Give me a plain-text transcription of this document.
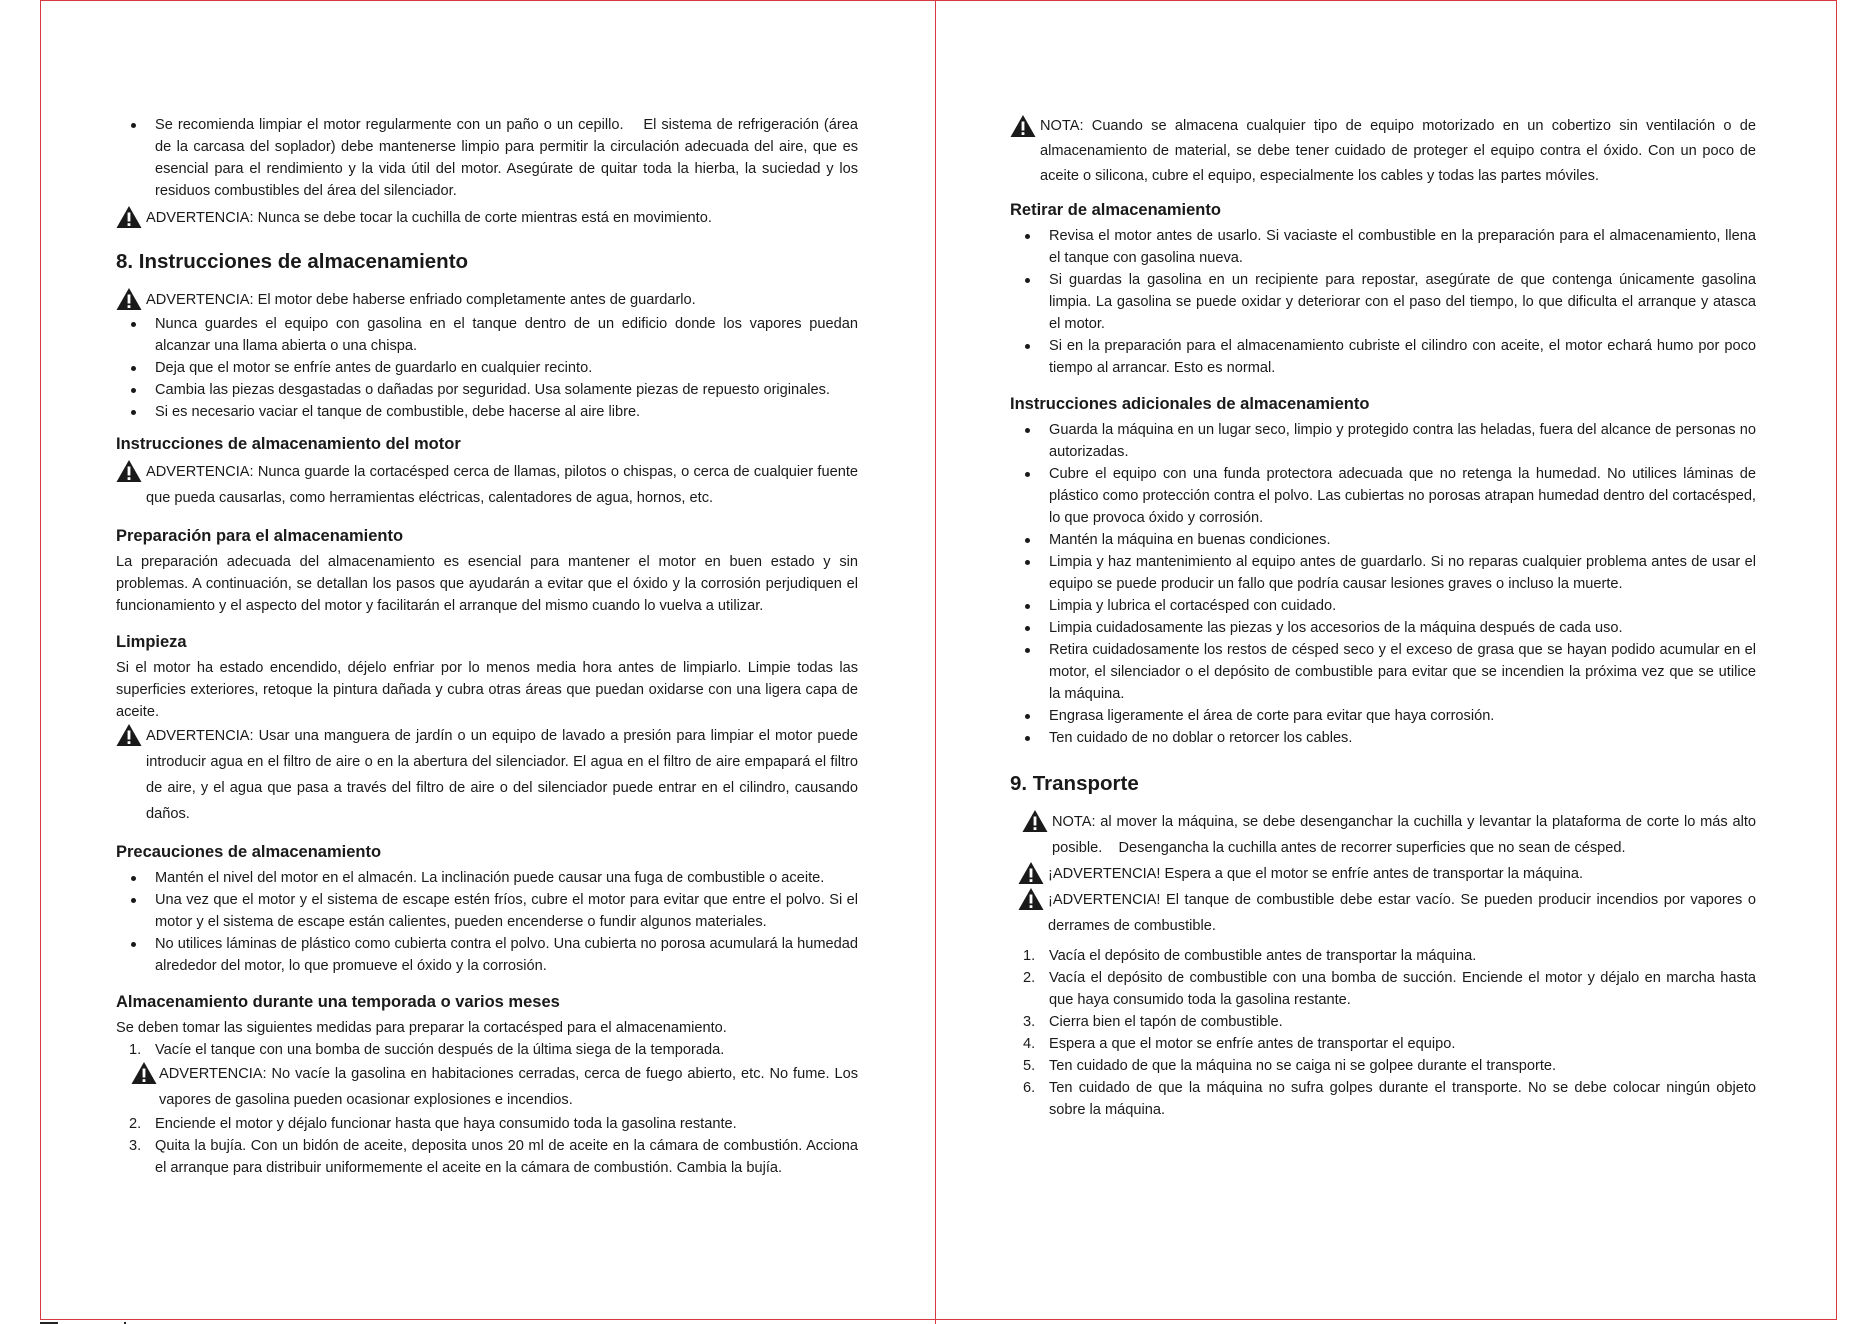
Se recomienda limpiar el motor regularmente con un paño o un cepillo.    El sistema de refrigeración (área de la carcasa del soplador) debe mantenerse limpio para permitir la circulación adecuada del aire, que es esencial para el rendimiento y la vida útil del motor. Asegúrate de quitar toda la hierba, la suciedad y los residuos combustibles del área del silenciador.
ADVERTENCIA: Nunca se debe tocar la cuchilla de corte mientras está en movimiento.
8. Instrucciones de almacenamiento
ADVERTENCIA: El motor debe haberse enfriado completamente antes de guardarlo.
Nunca guardes el equipo con gasolina en el tanque dentro de un edificio donde los vapores puedan alcanzar una llama abierta o una chispa.
Deja que el motor se enfríe antes de guardarlo en cualquier recinto.
Cambia las piezas desgastadas o dañadas por seguridad. Usa solamente piezas de repuesto originales.
Si es necesario vaciar el tanque de combustible, debe hacerse al aire libre.
Instrucciones de almacenamiento del motor
ADVERTENCIA: Nunca guarde la cortacésped cerca de llamas, pilotos o chispas, o cerca de cualquier fuente que pueda causarlas, como herramientas eléctricas, calentadores de agua, hornos, etc.
Preparación para el almacenamiento

La preparación adecuada del almacenamiento es esencial para mantener el motor en buen estado y sin problemas. A continuación, se detallan los pasos que ayudarán a evitar que el óxido y la corrosión perjudiquen el funcionamiento y el aspecto del motor y facilitarán el arranque del mismo cuando lo vuelva a utilizar.

Limpieza

Si el motor ha estado encendido, déjelo enfriar por lo menos media hora antes de limpiarlo. Limpie todas las superficies exteriores, retoque la pintura dañada y cubra otras áreas que puedan oxidarse con una ligera capa de aceite.

ADVERTENCIA: Usar una manguera de jardín o un equipo de lavado a presión para limpiar el motor puede introducir agua en el filtro de aire o en la abertura del silenciador. El agua en el filtro de aire empapará el filtro de aire, y el agua que pasa a través del filtro de aire o del silenciador puede entrar en el cilindro, causando daños.
Precauciones de almacenamiento
Mantén el nivel del motor en el almacén. La inclinación puede causar una fuga de combustible o aceite.
Una vez que el motor y el sistema de escape estén fríos, cubre el motor para evitar que entre el polvo. Si el motor y el sistema de escape están calientes, pueden encenderse o fundir algunos materiales.
No utilices láminas de plástico como cubierta contra el polvo. Una cubierta no porosa acumulará la humedad alrededor del motor, lo que promueve el óxido y la corrosión.
Almacenamiento durante una temporada o varios meses

Se deben tomar las siguientes medidas para preparar la cortacésped para el almacenamiento.

1. Vacíe el tanque con una bomba de succión después de la última siega de la temporada.
ADVERTENCIA: No vacíe la gasolina en habitaciones cerradas, cerca de fuego abierto, etc. No fume. Los vapores de gasolina pueden ocasionar explosiones e incendios.
2. Enciende el motor y déjalo funcionar hasta que haya consumido toda la gasolina restante.
3. Quita la bujía. Con un bidón de aceite, deposita unos 20 ml de aceite en la cámara de combustión. Acciona el arranque para distribuir uniformemente el aceite en la cámara de combustión. Cambia la bujía.
NOTA: Cuando se almacena cualquier tipo de equipo motorizado en un cobertizo sin ventilación o de almacenamiento de material, se debe tener cuidado de proteger el equipo contra el óxido. Con un poco de aceite o silicona, cubre el equipo, especialmente los cables y todas las partes móviles.
Retirar de almacenamiento
Revisa el motor antes de usarlo. Si vaciaste el combustible en la preparación para el almacenamiento, llena el tanque con gasolina nueva.
Si guardas la gasolina en un recipiente para repostar, asegúrate de que contenga únicamente gasolina limpia. La gasolina se puede oxidar y deteriorar con el paso del tiempo, lo que dificulta el arranque y atasca el motor.
Si en la preparación para el almacenamiento cubriste el cilindro con aceite, el motor echará humo por poco tiempo al arrancar. Esto es normal.
Instrucciones adicionales de almacenamiento
Guarda la máquina en un lugar seco, limpio y protegido contra las heladas, fuera del alcance de personas no autorizadas.
Cubre el equipo con una funda protectora adecuada que no retenga la humedad. No utilices láminas de plástico como protección contra el polvo. Las cubiertas no porosas atrapan humedad dentro del cortacésped, lo que provoca óxido y corrosión.
Mantén la máquina en buenas condiciones.
Limpia y haz mantenimiento al equipo antes de guardarlo. Si no reparas cualquier problema antes de usar el equipo se puede producir un fallo que podría causar lesiones graves o incluso la muerte.
Limpia y lubrica el cortacésped con cuidado.
Limpia cuidadosamente las piezas y los accesorios de la máquina después de cada uso.
Retira cuidadosamente los restos de césped seco y el exceso de grasa que se hayan podido acumular en el motor, el silenciador o el depósito de combustible para evitar que se incendien la próxima vez que se utilice la máquina.
Engrasa ligeramente el área de corte para evitar que haya corrosión.
Ten cuidado de no doblar o retorcer los cables.
9. Transporte
NOTA: al mover la máquina, se debe desenganchar la cuchilla y levantar la plataforma de corte lo más alto posible.    Desengancha la cuchilla antes de recorrer superficies que no sean de césped.
¡ADVERTENCIA! Espera a que el motor se enfríe antes de transportar la máquina.
¡ADVERTENCIA! El tanque de combustible debe estar vacío. Se pueden producir incendios por vapores o derrames de combustible.
1. Vacía el depósito de combustible antes de transportar la máquina.
2. Vacía el depósito de combustible con una bomba de succión. Enciende el motor y déjalo en marcha hasta que haya consumido toda la gasolina restante.
3. Cierra bien el tapón de combustible.
4. Espera a que el motor se enfríe antes de transportar el equipo.
5. Ten cuidado de que la máquina no se caiga ni se golpee durante el transporte.
6. Ten cuidado de que la máquina no sufra golpes durante el transporte. No se debe colocar ningún objeto sobre la máquina.
